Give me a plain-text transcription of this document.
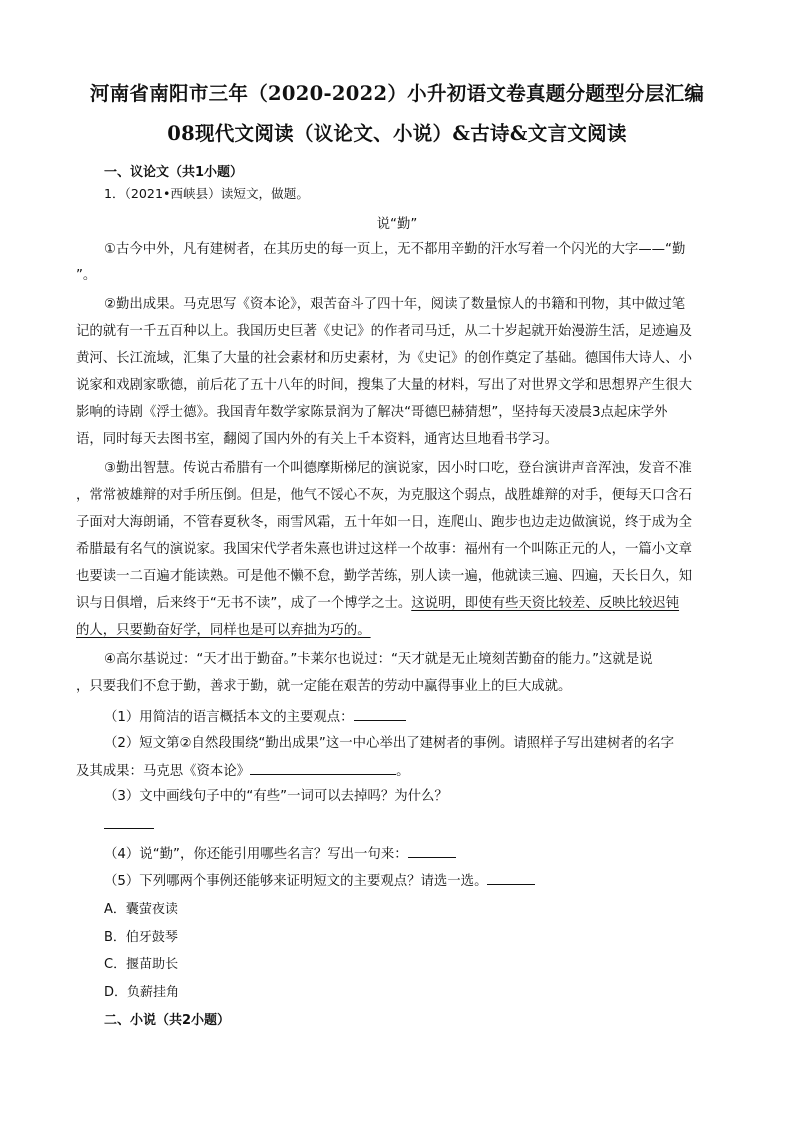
河南省南阳市三年（2020-2022）小升初语文卷真题分题型分层汇编
08现代文阅读（议论文、小说）&古诗&文言文阅读
一、议论文（共1小题）
1．（2021•西峡县）读短文，做题。
说“勤”
①古今中外，凡有建树者，在其历史的每一页上，无不都用辛勤的汗水写着一个闪光的大字——“勤
”。
②勤出成果。马克思写《资本论》，艰苦奋斗了四十年，阅读了数量惊人的书籍和刊物，其中做过笔
记的就有一千五百种以上。我国历史巨著《史记》的作者司马迁，从二十岁起就开始漫游生活，足迹遍及
黄河、长江流域，汇集了大量的社会素材和历史素材，为《史记》的创作奠定了基础。德国伟大诗人、小
说家和戏剧家歌德，前后花了五十八年的时间，搜集了大量的材料，写出了对世界文学和思想界产生很大
影响的诗剧《浮士德》。我国青年数学家陈景润为了解决“哥德巴赫猜想”，坚持每天凌晨3点起床学外
语，同时每天去图书室，翻阅了国内外的有关上千本资料，通宵达旦地看书学习。
③勤出智慧。传说古希腊有一个叫德摩斯梯尼的演说家，因小时口吃，登台演讲声音浑浊，发音不准
，常常被雄辩的对手所压倒。但是，他气不馁心不灰，为克服这个弱点，战胜雄辩的对手，便每天口含石
子面对大海朗诵，不管春夏秋冬，雨雪风霜，五十年如一日，连爬山、跑步也边走边做演说，终于成为全
希腊最有名气的演说家。我国宋代学者朱熹也讲过这样一个故事：福州有一个叫陈正元的人，一篇小文章
也要读一二百遍才能读熟。可是他不懒不怠，勤学苦练，别人读一遍，他就读三遍、四遍，天长日久，知
识与日俱增，后来终于“无书不读”，成了一个博学之士。这说明，即使有些天资比较差、反映比较迟钝
的人，只要勤奋好学，同样也是可以弃拙为巧的。
④高尔基说过：“天才出于勤奋。”卡莱尔也说过：“天才就是无止境刻苦勤奋的能力。”这就是说
，只要我们不怠于勤，善求于勤，就一定能在艰苦的劳动中赢得事业上的巨大成就。
（1）用简洁的语言概括本文的主要观点：
（2）短文第②自然段围绕“勤出成果”这一中心举出了建树者的事例。请照样子写出建树者的名字
及其成果：马克思《资本论》	。
（3）文中画线句子中的“有些”一词可以去掉吗？为什么？
（4）说“勤”，你还能引用哪些名言？写出一句来：
（5）下列哪两个事例还能够来证明短文的主要观点？请选一选。
A．囊萤夜读
B．伯牙鼓琴
C．揠苗助长
D．负薪挂角
二、小说（共2小题）
